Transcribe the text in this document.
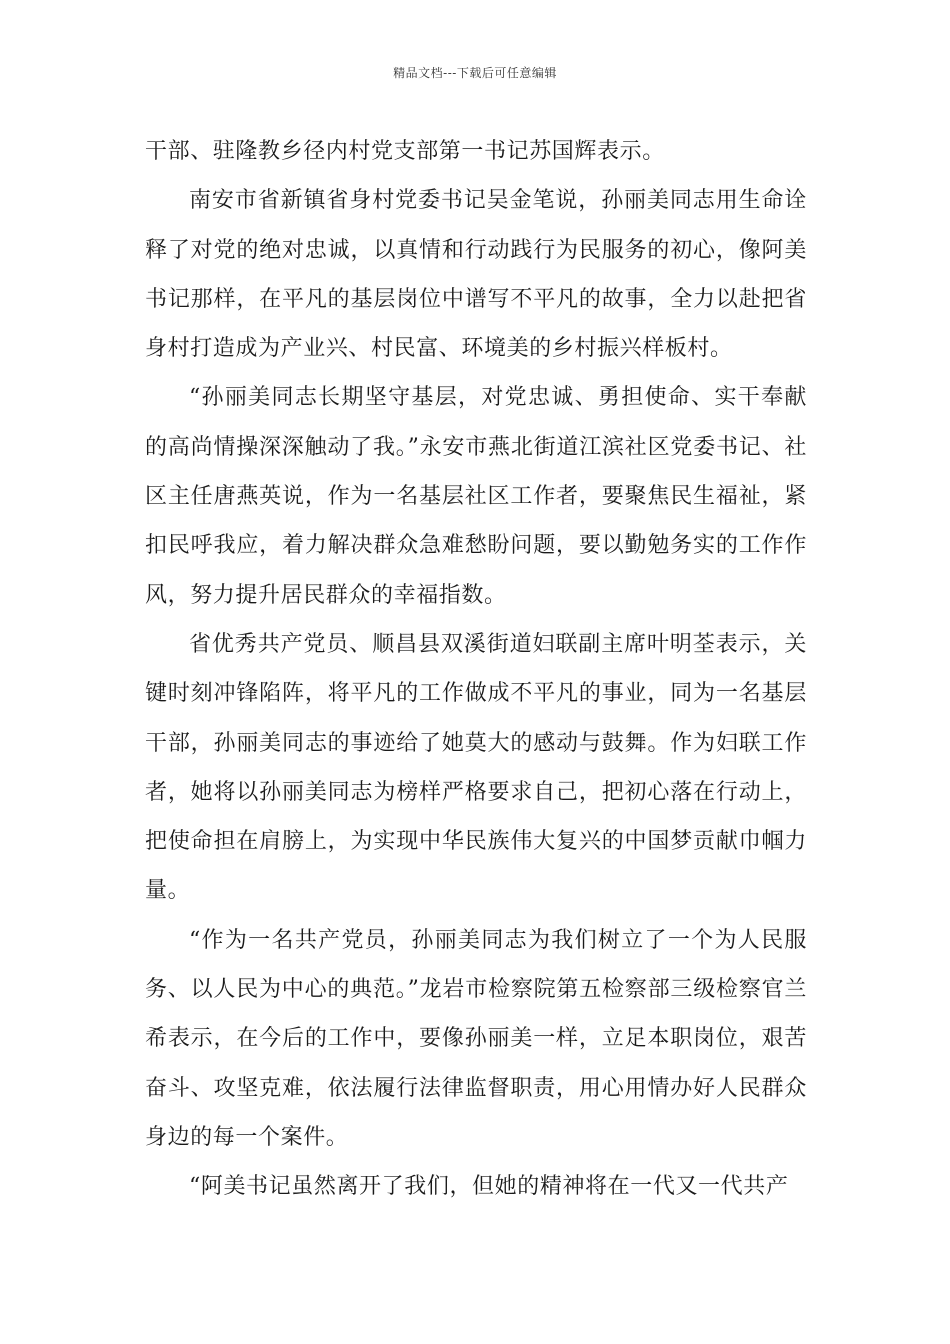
精品文档---下载后可任意编辑

干部、驻隆教乡径内村党支部第一书记苏国辉表示。

南安市省新镇省身村党委书记吴金笔说，孙丽美同志用生命诠释了对党的绝对忠诚，以真情和行动践行为民服务的初心，像阿美书记那样，在平凡的基层岗位中谱写不平凡的故事，全力以赴把省身村打造成为产业兴、村民富、环境美的乡村振兴样板村。

“孙丽美同志长期坚守基层，对党忠诚、勇担使命、实干奉献的高尚情操深深触动了我。”永安市燕北街道江滨社区党委书记、社区主任唐燕英说，作为一名基层社区工作者，要聚焦民生福祉，紧扣民呼我应，着力解决群众急难愁盼问题，要以勤勉务实的工作作风，努力提升居民群众的幸福指数。

省优秀共产党员、顺昌县双溪街道妇联副主席叶明荃表示，关键时刻冲锋陷阵，将平凡的工作做成不平凡的事业，同为一名基层干部，孙丽美同志的事迹给了她莫大的感动与鼓舞。作为妇联工作者，她将以孙丽美同志为榜样严格要求自己，把初心落在行动上，把使命担在肩膀上，为实现中华民族伟大复兴的中国梦贡献巾帼力量。

“作为一名共产党员，孙丽美同志为我们树立了一个为人民服务、以人民为中心的典范。”龙岩市检察院第五检察部三级检察官兰希表示，在今后的工作中，要像孙丽美一样，立足本职岗位，艰苦奋斗、攻坚克难，依法履行法律监督职责，用心用情办好人民群众身边的每一个案件。

“阿美书记虽然离开了我们，但她的精神将在一代又一代共产
